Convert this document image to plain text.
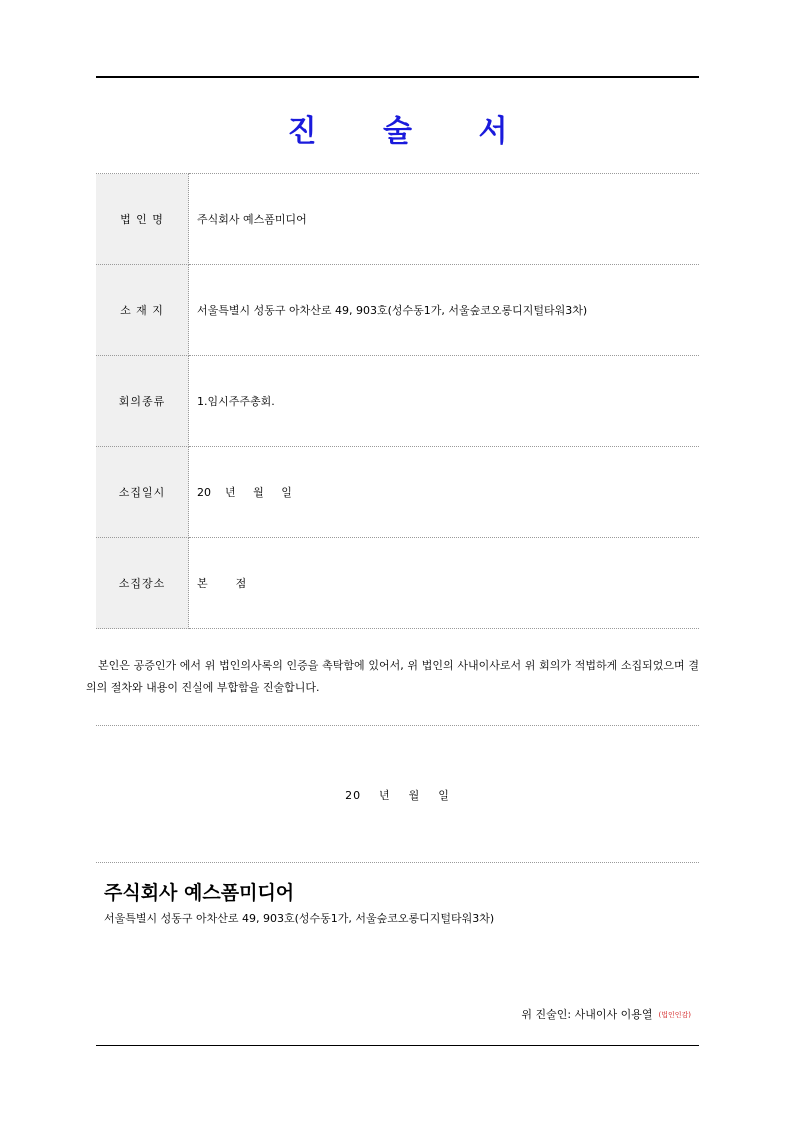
진 술 서
법 인 명	주식회사 예스폼미디어
소 재 지	서울특별시 성동구 아차산로 49, 903호(성수동1가, 서울숲코오롱디지털타워3차)
회의종류	1.임시주주총회.
소집일시	20    년     월     일
소집장소	본        점
본인은 공증인가 에서 위 법인의사록의 인증을 촉탁함에 있어서, 위 법인의 사내이사로서 위 회의가 적법하게 소집되었으며 결의의 절차와 내용이 진실에 부합함을 진술합니다.
20    년    월    일
주식회사 예스폼미디어
서울특별시 성동구 아차산로 49, 903호(성수동1가, 서울숲코오롱디지털타워3차)
위 진술인: 사내이사 이용열 (법인인감)
